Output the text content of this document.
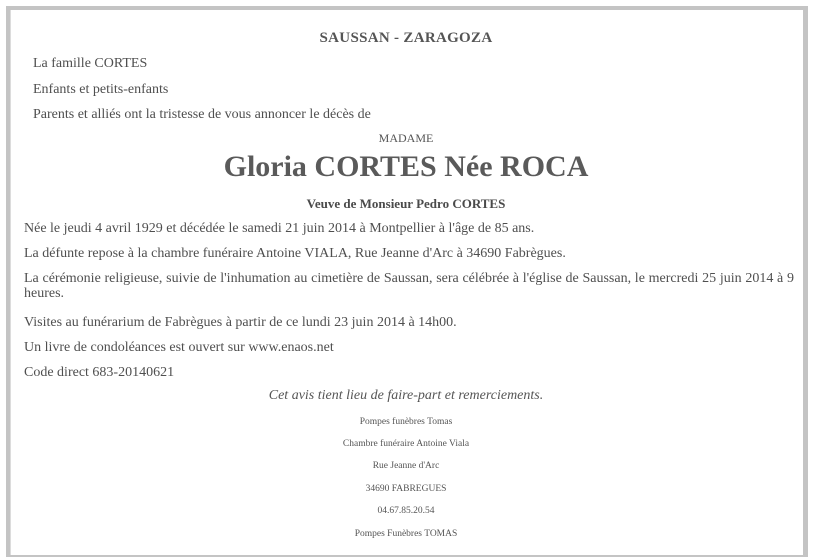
SAUSSAN - ZARAGOZA
La famille CORTES
Enfants et petits-enfants
Parents et alliés ont la tristesse de vous annoncer le décès de
MADAME
Gloria CORTES Née ROCA
Veuve de Monsieur Pedro CORTES
Née le jeudi 4 avril 1929 et décédée le samedi 21 juin 2014 à Montpellier à l'âge de 85 ans.
La défunte repose à la chambre funéraire Antoine VIALA, Rue Jeanne d'Arc à 34690 Fabrègues.
La cérémonie religieuse, suivie de l'inhumation au cimetière de Saussan, sera célébrée à l'église de Saussan, le mercredi 25 juin 2014 à 9 heures.
Visites au funérarium de Fabrègues à partir de ce lundi 23 juin 2014 à 14h00.
Un livre de condoléances est ouvert sur www.enaos.net
Code direct 683-20140621
Cet avis tient lieu de faire-part et remerciements.
Pompes funèbres Tomas
Chambre funéraire Antoine Viala
Rue Jeanne d'Arc
34690 FABREGUES
04.67.85.20.54
Pompes Funèbres TOMAS
